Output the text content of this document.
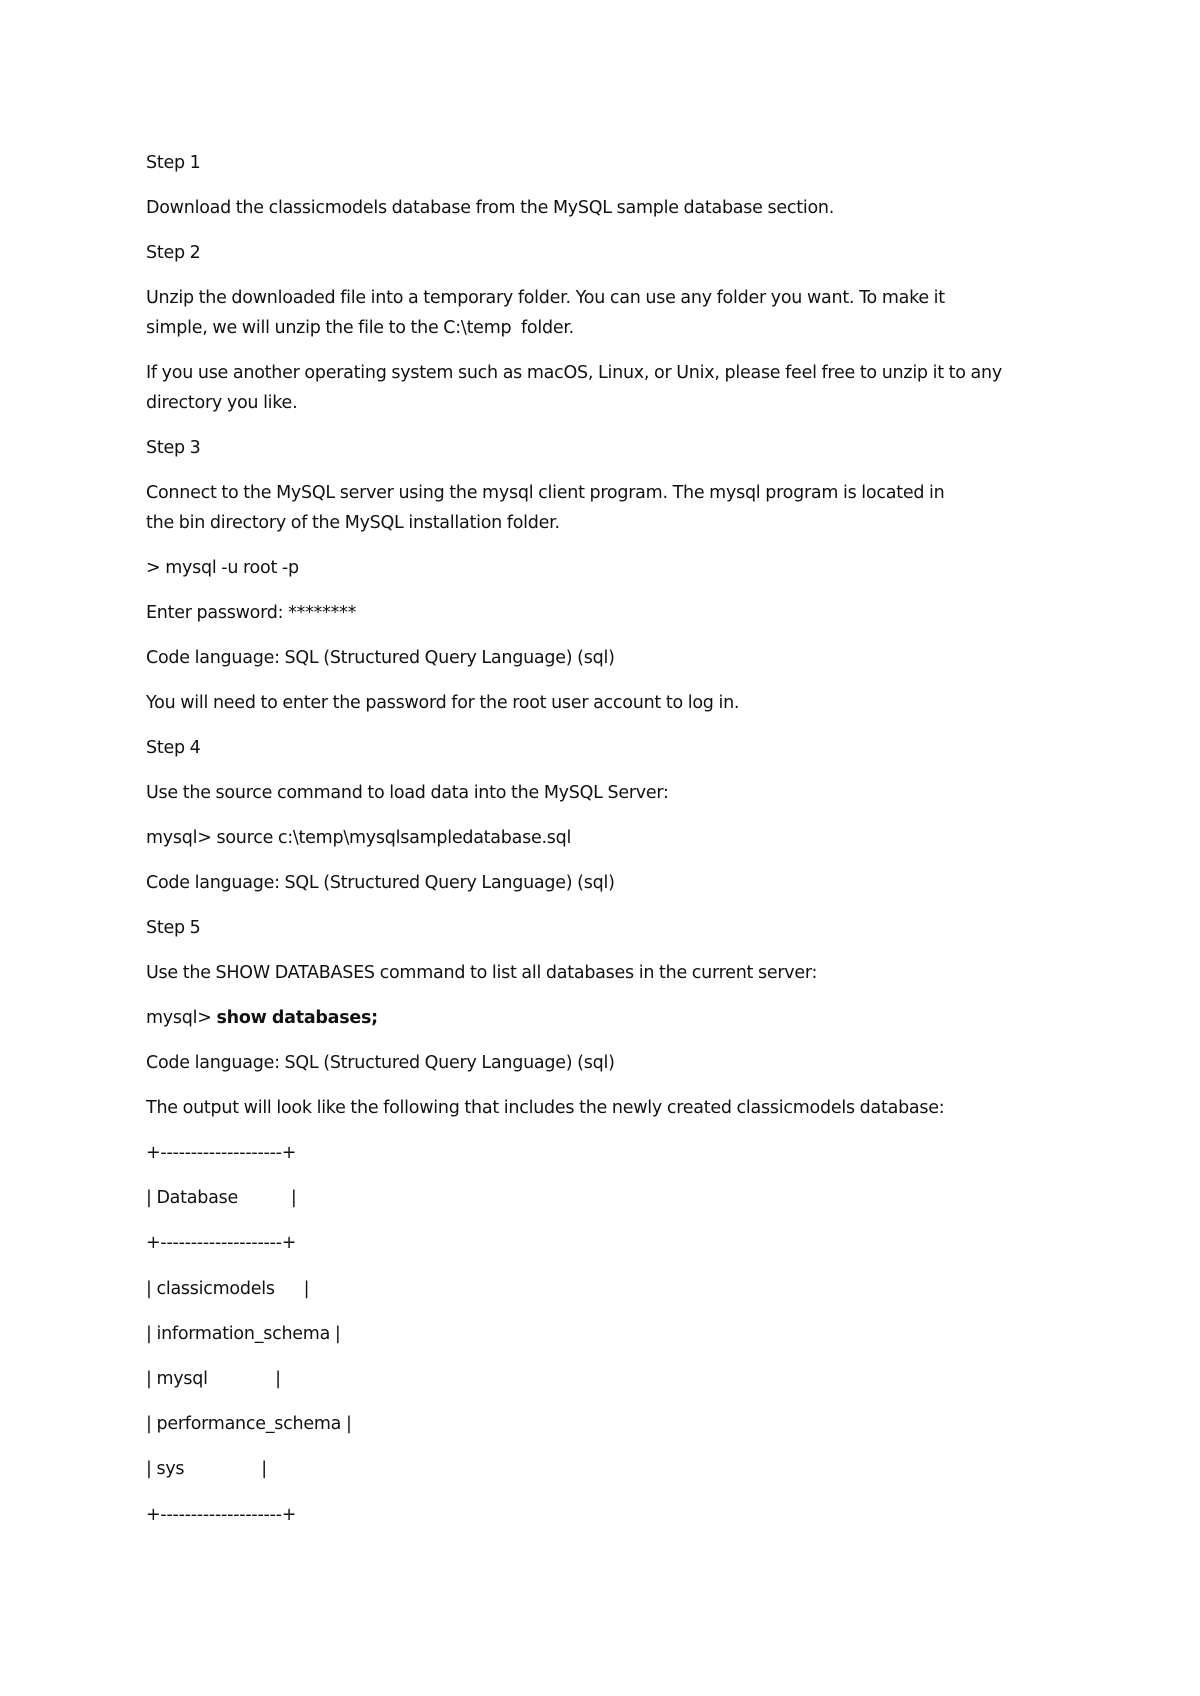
Step 1

Download the classicmodels database from the MySQL sample database section.

Step 2

Unzip the downloaded file into a temporary folder. You can use any folder you want. To make it
simple, we will unzip the file to the C:\temp  folder.
If you use another operating system such as macOS, Linux, or Unix, please feel free to unzip it to any
directory you like.

Step 3

Connect to the MySQL server using the mysql client program. The mysql program is located in
the bin directory of the MySQL installation folder.

> mysql -u root -p

Enter password: ********

Code language: SQL (Structured Query Language) (sql)

You will need to enter the password for the root user account to log in.

Step 4

Use the source command to load data into the MySQL Server:

mysql> source c:\temp\mysqlsampledatabase.sql

Code language: SQL (Structured Query Language) (sql)

Step 5

Use the SHOW DATABASES command to list all databases in the current server:

mysql> show databases;

Code language: SQL (Structured Query Language) (sql)

The output will look like the following that includes the newly created classicmodels database:

+--------------------+
| Database           |
+--------------------+
| classicmodels      |
| information_schema |
| mysql              |
| performance_schema |
| sys                |
+--------------------+
